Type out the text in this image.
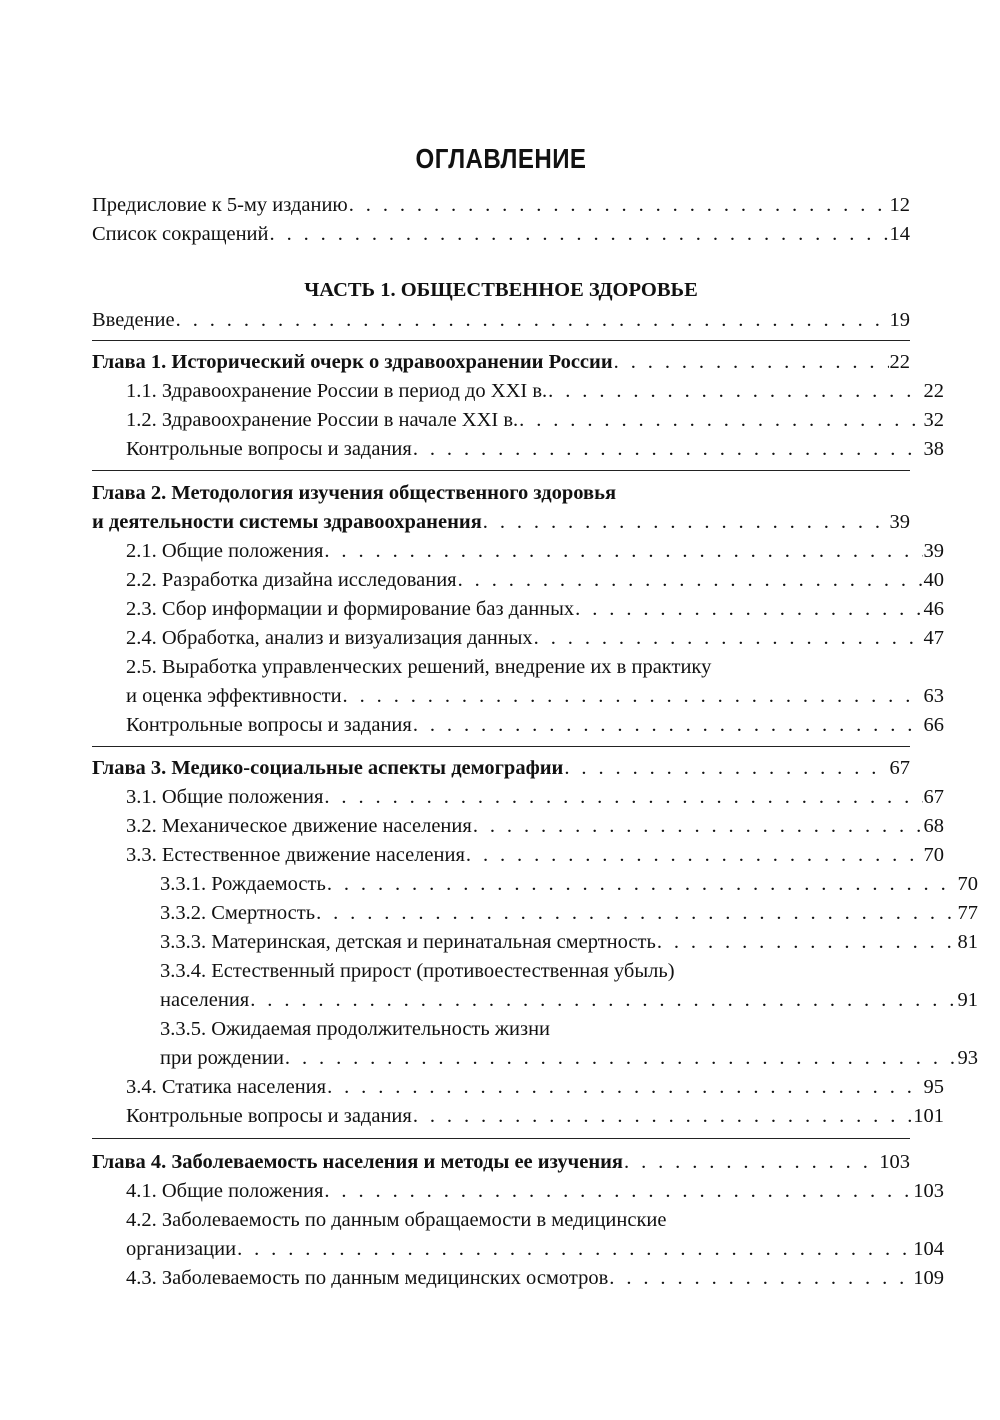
ОГЛАВЛЕНИЕ
Предисловие к 5-му изданию . . .	12
Список сокращений . . .	14
ЧАСТЬ 1. ОБЩЕСТВЕННОЕ ЗДОРОВЬЕ
Введение . . .	19
Глава 1. Исторический очерк о здравоохранении России . . .	22
1.1. Здравоохранение России в период до XXI в. . . .	22
1.2. Здравоохранение России в начале XXI в. . . .	32
Контрольные вопросы и задания . . .	38
Глава 2. Методология изучения общественного здоровья
и деятельности системы здравоохранения . . .	39
2.1. Общие положения . . .	39
2.2. Разработка дизайна исследования . . .	40
2.3. Сбор информации и формирование баз данных . . .	46
2.4. Обработка, анализ и визуализация данных . . .	47
2.5. Выработка управленческих решений, внедрение их в практику
и оценка эффективности . . .	63
Контрольные вопросы и задания . . .	66
Глава 3. Медико-социальные аспекты демографии . . .	67
3.1. Общие положения . . .	67
3.2. Механическое движение населения . . .	68
3.3. Естественное движение населения . . .	70
3.3.1. Рождаемость . . .	70
3.3.2. Смертность . . .	77
3.3.3. Материнская, детская и перинатальная смертность . . .	81
3.3.4. Естественный прирост (противоестественная убыль)
населения . . .	91
3.3.5. Ожидаемая продолжительность жизни
при рождении . . .	93
3.4. Статика населения . . .	95
Контрольные вопросы и задания . . .	101
Глава 4. Заболеваемость населения и методы ее изучения . . .	103
4.1. Общие положения . . .	103
4.2. Заболеваемость по данным обращаемости в медицинские
организации . . .	104
4.3. Заболеваемость по данным медицинских осмотров . . .	109
